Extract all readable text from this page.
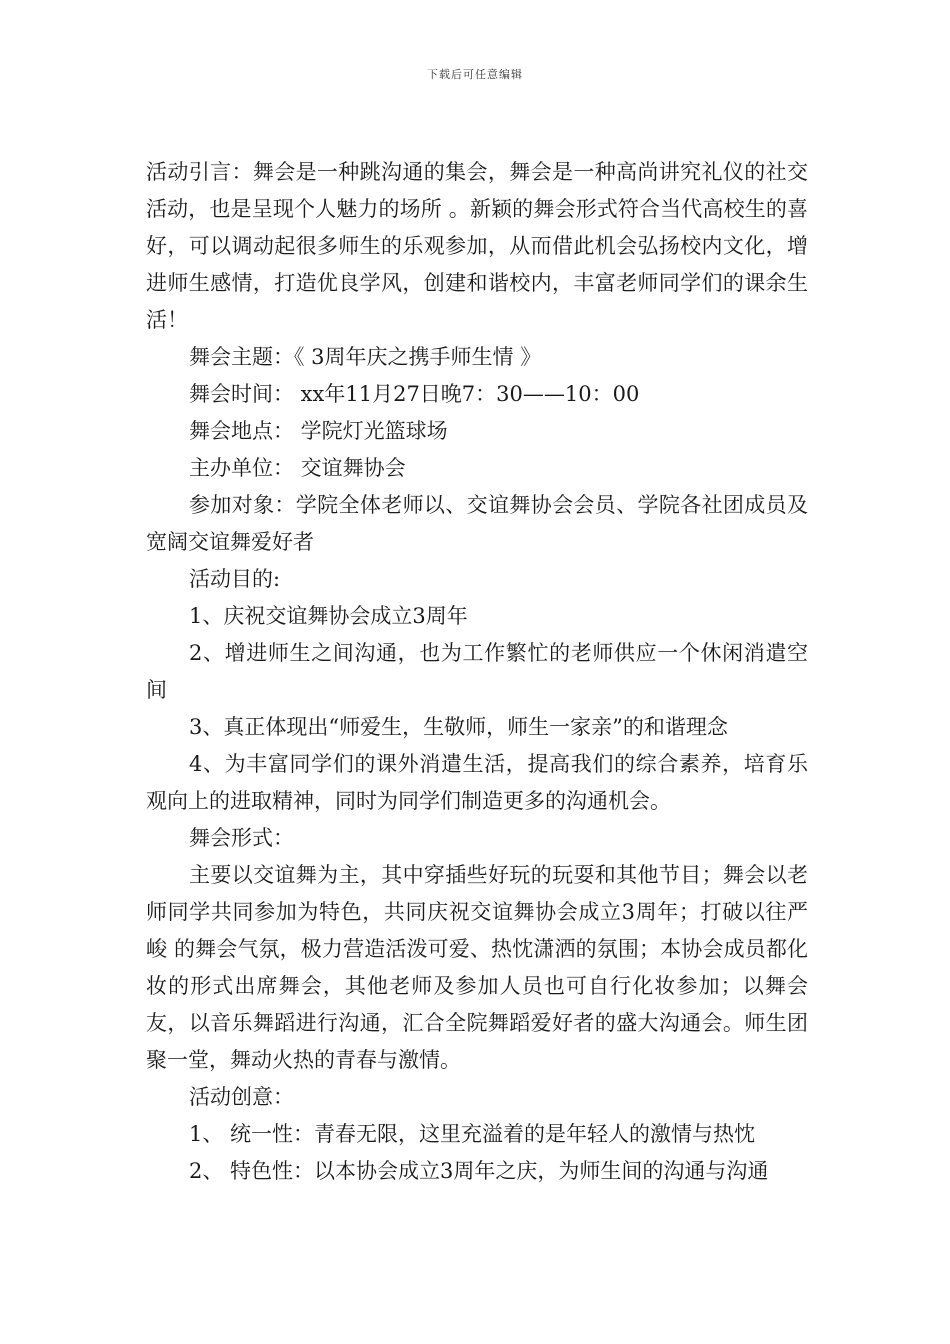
下载后可任意编辑

活动引言：舞会是一种跳沟通的集会，舞会是一种高尚讲究礼仪的社交活动，也是呈现个人魅力的场所 。新颖的舞会形式符合当代高校生的喜好，可以调动起很多师生的乐观参加，从而借此机会弘扬校内文化，增进师生感情，打造优良学风，创建和谐校内，丰富老师同学们的课余生活！

舞会主题：《 3周年庆之携手师生情 》

舞会时间： xx年11月27日晚7：30——10：00

舞会地点： 学院灯光篮球场

主办单位： 交谊舞协会

参加对象：学院全体老师以、交谊舞协会会员、学院各社团成员及宽阔交谊舞爱好者

活动目的:

1、庆祝交谊舞协会成立3周年

2、增进师生之间沟通，也为工作繁忙的老师供应一个休闲消遣空间

3、真正体现出“师爱生，生敬师，师生一家亲”的和谐理念

4、为丰富同学们的课外消遣生活，提高我们的综合素养，培育乐观向上的进取精神，同时为同学们制造更多的沟通机会。

舞会形式：

主要以交谊舞为主，其中穿插些好玩的玩耍和其他节目；舞会以老师同学共同参加为特色，共同庆祝交谊舞协会成立3周年；打破以往严峻 的舞会气氛，极力营造活泼可爱、热忱潇洒的氛围；本协会成员都化妆的形式出席舞会，其他老师及参加人员也可自行化妆参加；以舞会友，以音乐舞蹈进行沟通，汇合全院舞蹈爱好者的盛大沟通会。师生团聚一堂，舞动火热的青春与激情。

活动创意：

1、 统一性：青春无限，这里充溢着的是年轻人的激情与热忱

2、 特色性：以本协会成立3周年之庆，为师生间的沟通与沟通
